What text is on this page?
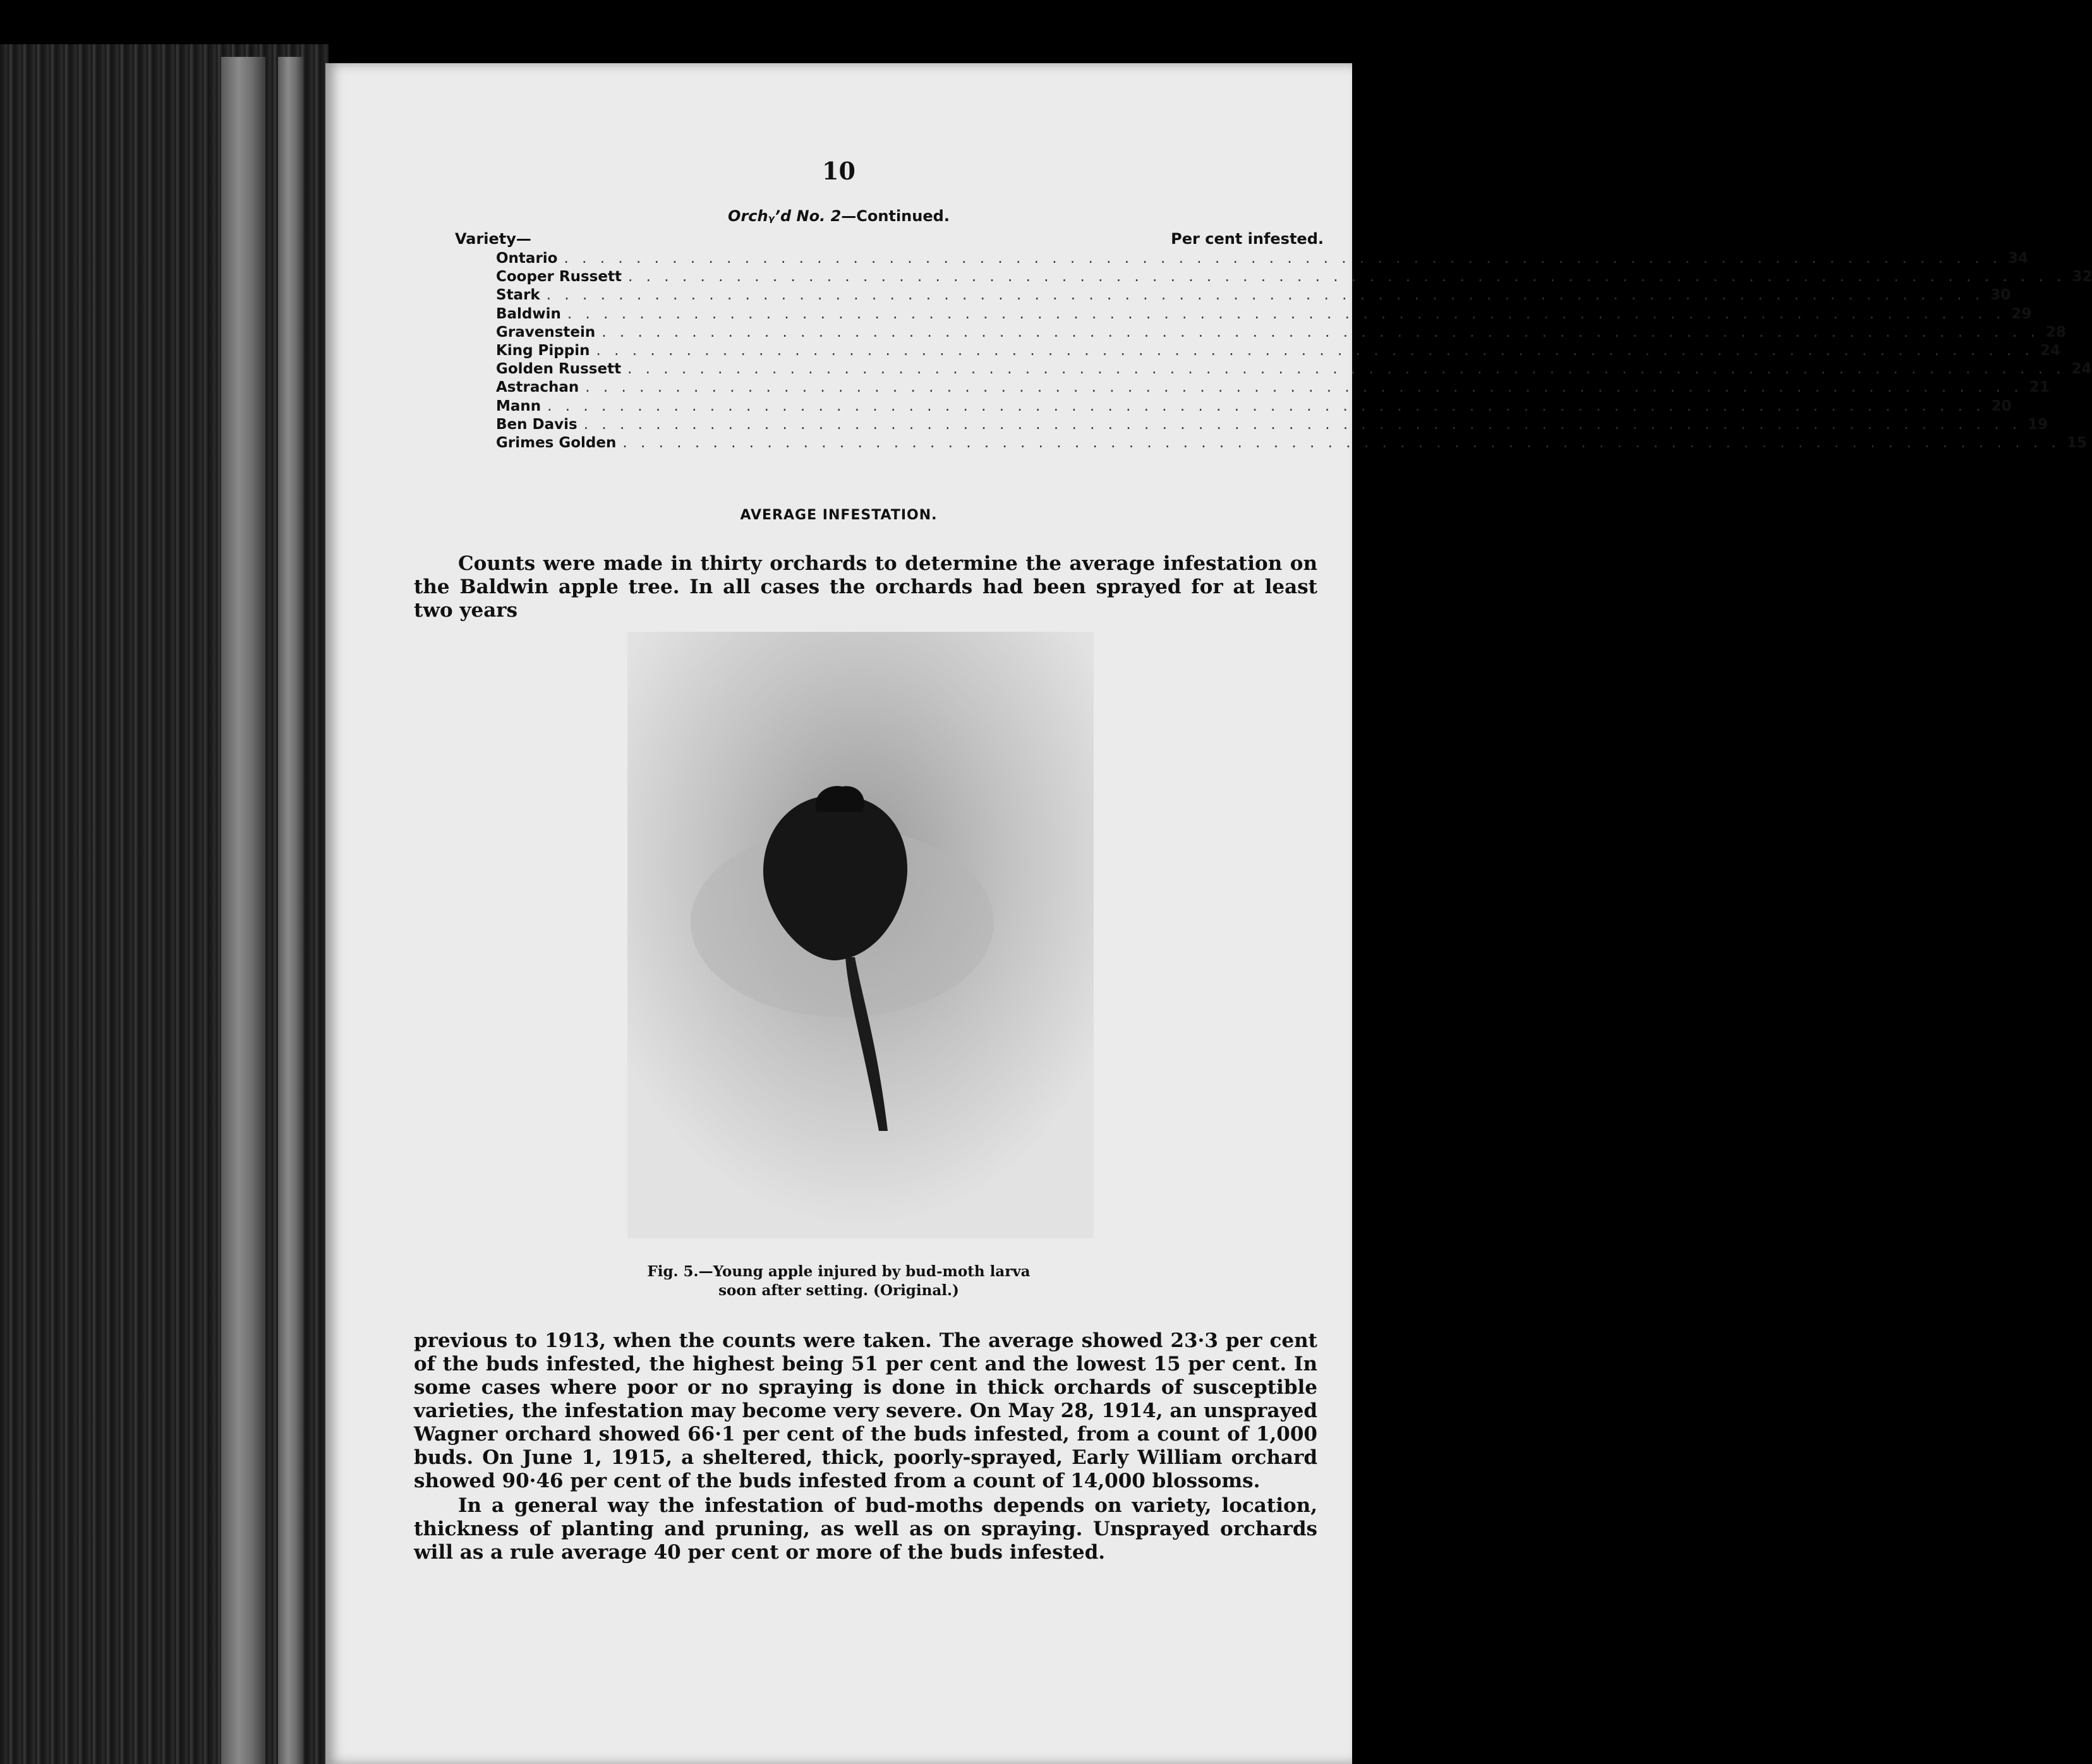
10
Orchᵧ’d No. 2—Continued.
Variety—	Per cent infested.
Ontario . . . . . . . . . . . . . . . . . . . . . . . . . . . . . . . . . . . . . . . . . . . . . . . . . . . . . . . . . . . . . . . . . . . . . . . . . . . . . . . . 34
Cooper Russett . . . . . . . . . . . . . . . . . . . . . . . . . . . . . . . . . . . . . . . . . . . . . . . . . . . . . . . . . . . . . . . . . . . . . . . . . . . . . . . . 32
Stark . . . . . . . . . . . . . . . . . . . . . . . . . . . . . . . . . . . . . . . . . . . . . . . . . . . . . . . . . . . . . . . . . . . . . . . . . . . . . . . . 30
Baldwin . . . . . . . . . . . . . . . . . . . . . . . . . . . . . . . . . . . . . . . . . . . . . . . . . . . . . . . . . . . . . . . . . . . . . . . . . . . . . . . . 29
Gravenstein . . . . . . . . . . . . . . . . . . . . . . . . . . . . . . . . . . . . . . . . . . . . . . . . . . . . . . . . . . . . . . . . . . . . . . . . . . . . . . . . 28
King Pippin . . . . . . . . . . . . . . . . . . . . . . . . . . . . . . . . . . . . . . . . . . . . . . . . . . . . . . . . . . . . . . . . . . . . . . . . . . . . . . . . 24
Golden Russett . . . . . . . . . . . . . . . . . . . . . . . . . . . . . . . . . . . . . . . . . . . . . . . . . . . . . . . . . . . . . . . . . . . . . . . . . . . . . . . . 24
Astrachan . . . . . . . . . . . . . . . . . . . . . . . . . . . . . . . . . . . . . . . . . . . . . . . . . . . . . . . . . . . . . . . . . . . . . . . . . . . . . . . . 21
Mann . . . . . . . . . . . . . . . . . . . . . . . . . . . . . . . . . . . . . . . . . . . . . . . . . . . . . . . . . . . . . . . . . . . . . . . . . . . . . . . . 20
Ben Davis . . . . . . . . . . . . . . . . . . . . . . . . . . . . . . . . . . . . . . . . . . . . . . . . . . . . . . . . . . . . . . . . . . . . . . . . . . . . . . . . 19
Grimes Golden . . . . . . . . . . . . . . . . . . . . . . . . . . . . . . . . . . . . . . . . . . . . . . . . . . . . . . . . . . . . . . . . . . . . . . . . . . . . . . . . 15
AVERAGE INFESTATION.
Counts were made in thirty orchards to determine the average infestation on the Baldwin apple tree. In all cases the orchards had been sprayed for at least two years
Fig. 5.—Young apple injured by bud-moth larva
soon after setting. (Original.)
previous to 1913, when the counts were taken. The average showed 23·3 per cent of the buds infested, the highest being 51 per cent and the lowest 15 per cent. In some cases where poor or no spraying is done in thick orchards of susceptible varieties, the infestation may become very severe. On May 28, 1914, an unsprayed Wagner orchard showed 66·1 per cent of the buds infested, from a count of 1,000 buds. On June 1, 1915, a sheltered, thick, poorly-sprayed, Early William orchard showed 90·46 per cent of the buds infested from a count of 14,000 blossoms.
In a general way the infestation of bud-moths depends on variety, location, thickness of planting and pruning, as well as on spraying. Unsprayed orchards will as a rule average 40 per cent or more of the buds infested.
